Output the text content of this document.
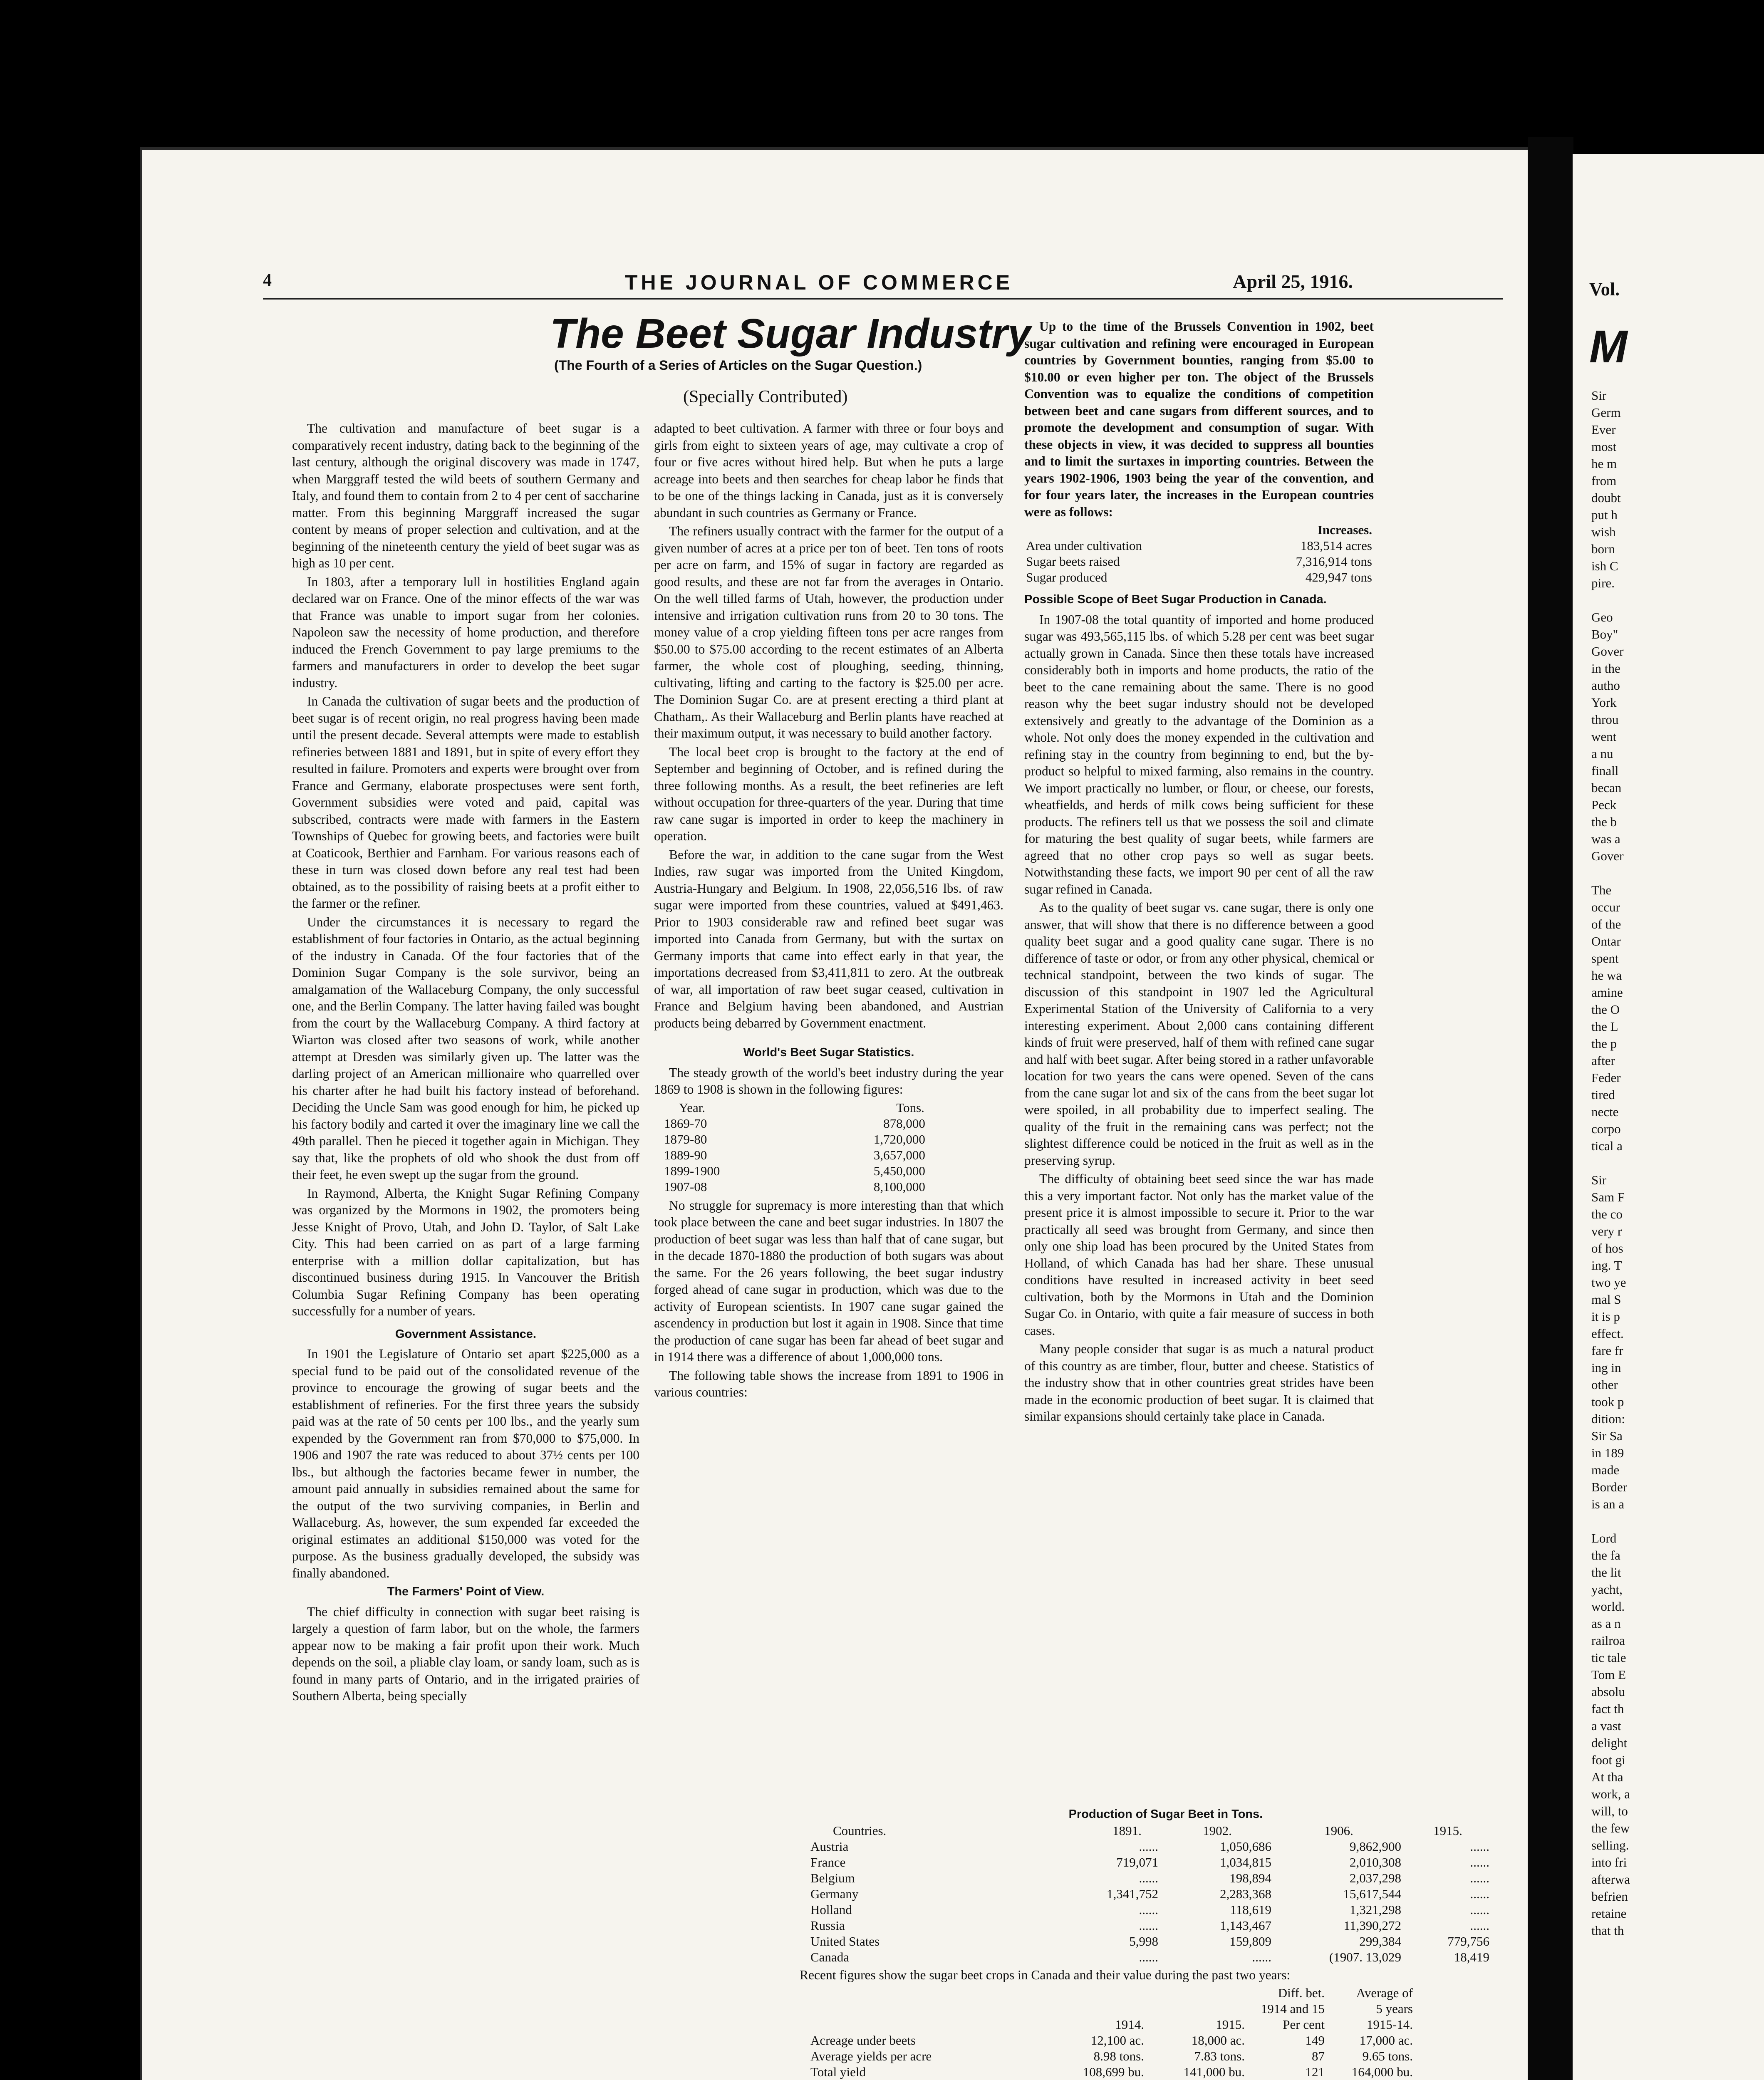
4	THE JOURNAL OF COMMERCE	April 25, 1916.
The Beet Sugar Industry
(The Fourth of a Series of Articles on the Sugar Question.)
(Specially Contributed)

The cultivation and manufacture of beet sugar is a comparatively recent industry, dating back to the beginning of the last century, although the original discovery was made in 1747, when Marggraff tested the wild beets of southern Germany and Italy, and found them to contain from 2 to 4 per cent of saccharine matter. From this beginning Marggraff increased the sugar content by means of proper selection and cultivation, and at the beginning of the nineteenth century the yield of beet sugar was as high as 10 per cent.

In 1803, after a temporary lull in hostilities England again declared war on France. One of the minor effects of the war was that France was unable to import sugar from her colonies. Napoleon saw the necessity of home production, and therefore induced the French Government to pay large premiums to the farmers and manufacturers in order to develop the beet sugar industry.

In Canada the cultivation of sugar beets and the production of beet sugar is of recent origin, no real progress having been made until the present decade. Several attempts were made to establish refineries between 1881 and 1891, but in spite of every effort they resulted in failure. Promoters and experts were brought over from France and Germany, elaborate prospectuses were sent forth, Government subsidies were voted and paid, capital was subscribed, contracts were made with farmers in the Eastern Townships of Quebec for growing beets, and factories were built at Coaticook, Berthier and Farnham. For various reasons each of these in turn was closed down before any real test had been obtained, as to the possibility of raising beets at a profit either to the farmer or the refiner.

Under the circumstances it is necessary to regard the establishment of four factories in Ontario, as the actual beginning of the industry in Canada. Of the four factories that of the Dominion Sugar Company is the sole survivor, being an amalgamation of the Wallaceburg Company, the only successful one, and the Berlin Company. The latter having failed was bought from the court by the Wallaceburg Company. A third factory at Wiarton was closed after two seasons of work, while another attempt at Dresden was similarly given up. The latter was the darling project of an American millionaire who quarrelled over his charter after he had built his factory instead of beforehand. Deciding the Uncle Sam was good enough for him, he picked up his factory bodily and carted it over the imaginary line we call the 49th parallel. Then he pieced it together again in Michigan. They say that, like the prophets of old who shook the dust from off their feet, he even swept up the sugar from the ground.

In Raymond, Alberta, the Knight Sugar Refining Company was organized by the Mormons in 1902, the promoters being Jesse Knight of Provo, Utah, and John D. Taylor, of Salt Lake City. This had been carried on as part of a large farming enterprise with a million dollar capitalization, but has discontinued business during 1915. In Vancouver the British Columbia Sugar Refining Company has been operating successfully for a number of years.

Government Assistance.

In 1901 the Legislature of Ontario set apart $225,000 as a special fund to be paid out of the consolidated revenue of the province to encourage the growing of sugar beets and the establishment of refineries. For the first three years the subsidy paid was at the rate of 50 cents per 100 lbs., and the yearly sum expended by the Government ran from $70,000 to $75,000. In 1906 and 1907 the rate was reduced to about 37½ cents per 100 lbs., but although the factories became fewer in number, the amount paid annually in subsidies remained about the same for the output of the two surviving companies, in Berlin and Wallaceburg. As, however, the sum expended far exceeded the original estimates an additional $150,000 was voted for the purpose. As the business gradually developed, the subsidy was finally abandoned.

The Farmers' Point of View.

The chief difficulty in connection with sugar beet raising is largely a question of farm labor, but on the whole, the farmers appear now to be making a fair profit upon their work. Much depends on the soil, a pliable clay loam, or sandy loam, such as is found in many parts of Ontario, and in the irrigated prairies of Southern Alberta, being specially

adapted to beet cultivation. A farmer with three or four boys and girls from eight to sixteen years of age, may cultivate a crop of four or five acres without hired help. But when he puts a large acreage into beets and then searches for cheap labor he finds that to be one of the things lacking in Canada, just as it is conversely abundant in such countries as Germany or France.

The refiners usually contract with the farmer for the output of a given number of acres at a price per ton of beet. Ten tons of roots per acre on farm, and 15% of sugar in factory are regarded as good results, and these are not far from the averages in Ontario. On the well tilled farms of Utah, however, the production under intensive and irrigation cultivation runs from 20 to 30 tons. The money value of a crop yielding fifteen tons per acre ranges from $50.00 to $75.00 according to the recent estimates of an Alberta farmer, the whole cost of ploughing, seeding, thinning, cultivating, lifting and carting to the factory is $25.00 per acre. The Dominion Sugar Co. are at present erecting a third plant at Chatham,. As their Wallaceburg and Berlin plants have reached at their maximum output, it was necessary to build another factory.

The local beet crop is brought to the factory at the end of September and beginning of October, and is refined during the three following months. As a result, the beet refineries are left without occupation for three-quarters of the year. During that time raw cane sugar is imported in order to keep the machinery in operation.

Before the war, in addition to the cane sugar from the West Indies, raw sugar was imported from the United Kingdom, Austria-Hungary and Belgium. In 1908, 22,056,516 lbs. of raw sugar were imported from these countries, valued at $491,463. Prior to 1903 considerable raw and refined beet sugar was imported into Canada from Germany, but with the surtax on Germany imports that came into effect early in that year, the importations decreased from $3,411,811 to zero. At the outbreak of war, all importation of raw beet sugar ceased, cultivation in France and Belgium having been abandoned, and Austrian products being debarred by Government enactment.

World's Beet Sugar Statistics.

The steady growth of the world's beet industry during the year 1869 to 1908 is shown in the following figures:

Year.	Tons.
1869-70	878,000
1879-80	1,720,000
1889-90	3,657,000
1899-1900	5,450,000
1907-08	8,100,000

No struggle for supremacy is more interesting than that which took place between the cane and beet sugar industries. In 1807 the production of beet sugar was less than half that of cane sugar, but in the decade 1870-1880 the production of both sugars was about the same. For the 26 years following, the beet sugar industry forged ahead of cane sugar in production, which was due to the activity of European scientists. In 1907 cane sugar gained the ascendency in production but lost it again in 1908. Since that time the production of cane sugar has been far ahead of beet sugar and in 1914 there was a difference of about 1,000,000 tons.

The following table shows the increase from 1891 to 1906 in various countries:

Up to the time of the Brussels Convention in 1902, beet sugar cultivation and refining were encouraged in European countries by Government bounties, ranging from $5.00 to $10.00 or even higher per ton. The object of the Brussels Convention was to equalize the conditions of competition between beet and cane sugars from different sources, and to promote the development and consumption of sugar. With these objects in view, it was decided to suppress all bounties and to limit the surtaxes in importing countries. Between the years 1902-1906, 1903 being the year of the convention, and for four years later, the increases in the European countries were as follows:

	Increases.
Area under cultivation	183,514 acres
Sugar beets raised	7,316,914 tons
Sugar produced	429,947 tons
Possible Scope of Beet Sugar Production in Canada.

In 1907-08 the total quantity of imported and home produced sugar was 493,565,115 lbs. of which 5.28 per cent was beet sugar actually grown in Canada. Since then these totals have increased considerably both in imports and home products, the ratio of the beet to the cane remaining about the same. There is no good reason why the beet sugar industry should not be developed extensively and greatly to the advantage of the Dominion as a whole. Not only does the money expended in the cultivation and refining stay in the country from beginning to end, but the by-product so helpful to mixed farming, also remains in the country. We import practically no lumber, or flour, or cheese, our forests, wheatfields, and herds of milk cows being sufficient for these products. The refiners tell us that we possess the soil and climate for maturing the best quality of sugar beets, while farmers are agreed that no other crop pays so well as sugar beets. Notwithstanding these facts, we import 90 per cent of all the raw sugar refined in Canada.

As to the quality of beet sugar vs. cane sugar, there is only one answer, that will show that there is no difference between a good quality beet sugar and a good quality cane sugar. There is no difference of taste or odor, or from any other physical, chemical or technical standpoint, between the two kinds of sugar. The discussion of this standpoint in 1907 led the Agricultural Experimental Station of the University of California to a very interesting experiment. About 2,000 cans containing different kinds of fruit were preserved, half of them with refined cane sugar and half with beet sugar. After being stored in a rather unfavorable location for two years the cans were opened. Seven of the cans from the cane sugar lot and six of the cans from the beet sugar lot were spoiled, in all probability due to imperfect sealing. The quality of the fruit in the remaining cans was perfect; not the slightest difference could be noticed in the fruit as well as in the preserving syrup.

The difficulty of obtaining beet seed since the war has made this a very important factor. Not only has the market value of the present price it is almost impossible to secure it. Prior to the war practically all seed was brought from Germany, and since then only one ship load has been procured by the United States from Holland, of which Canada has had her share. These unusual conditions have resulted in increased activity in beet seed cultivation, both by the Mormons in Utah and the Dominion Sugar Co. in Ontario, with quite a fair measure of success in both cases.

Many people consider that sugar is as much a natural product of this country as are timber, flour, butter and cheese. Statistics of the industry show that in other countries great strides have been made in the economic production of beet sugar. It is claimed that similar expansions should certainly take place in Canada.

Production of Sugar Beet in Tons.
Countries.	1891.	1902.	1906.	1915.
Austria	......	1,050,686	9,862,900	......
France	719,071	1,034,815	2,010,308	......
Belgium	......	198,894	2,037,298	......
Germany	1,341,752	2,283,368	15,617,544	......
Holland	......	118,619	1,321,298	......
Russia	......	1,143,467	11,390,272	......
United States	5,998	159,809	299,384	779,756
Canada	......	......	(1907. 13,029	18,419
Recent figures show the sugar beet crops in Canada and their value during the past two years:
			Diff. bet.	Average of
			1914 and 15	5 years
	1914.	1915.	Per cent	1915-14.
Acreage under beets	12,100 ac.	18,000 ac.	149	17,000 ac.
Average yields per acre	8.98 tons.	7.83 tons.	87	9.65 tons.
Total yield	108,699 bu.	141,000 bu.	121	164,000 bu.

Vol.
M
Sir
Germ
Ever
most
he m
from
doubt
put h
wish
born
ish C
pire.

Geo
Boy"
Gover
in the
autho
York
throu
went
a nu
finall
becan
Peck
the b
was a
Gover

The
occur
of the
Ontar
spent
he wa
amine
the O
the L
the p
after
Feder
tired
necte
corpo
tical a

Sir
Sam F
the co
very r
of hos
ing. T
two ye
mal S
it is p
effect.
fare fr
ing in
other
took p
dition:
Sir Sa
in 189
made
Border
is an a

Lord
the fa
the lit
yacht,
world.
as a n
railroa
tic tale
Tom E
absolu
fact th
a vast
delight
foot gi
At tha
work, a
will, to
the few
selling.
into fri
afterwa
befrien
retaine
that th
